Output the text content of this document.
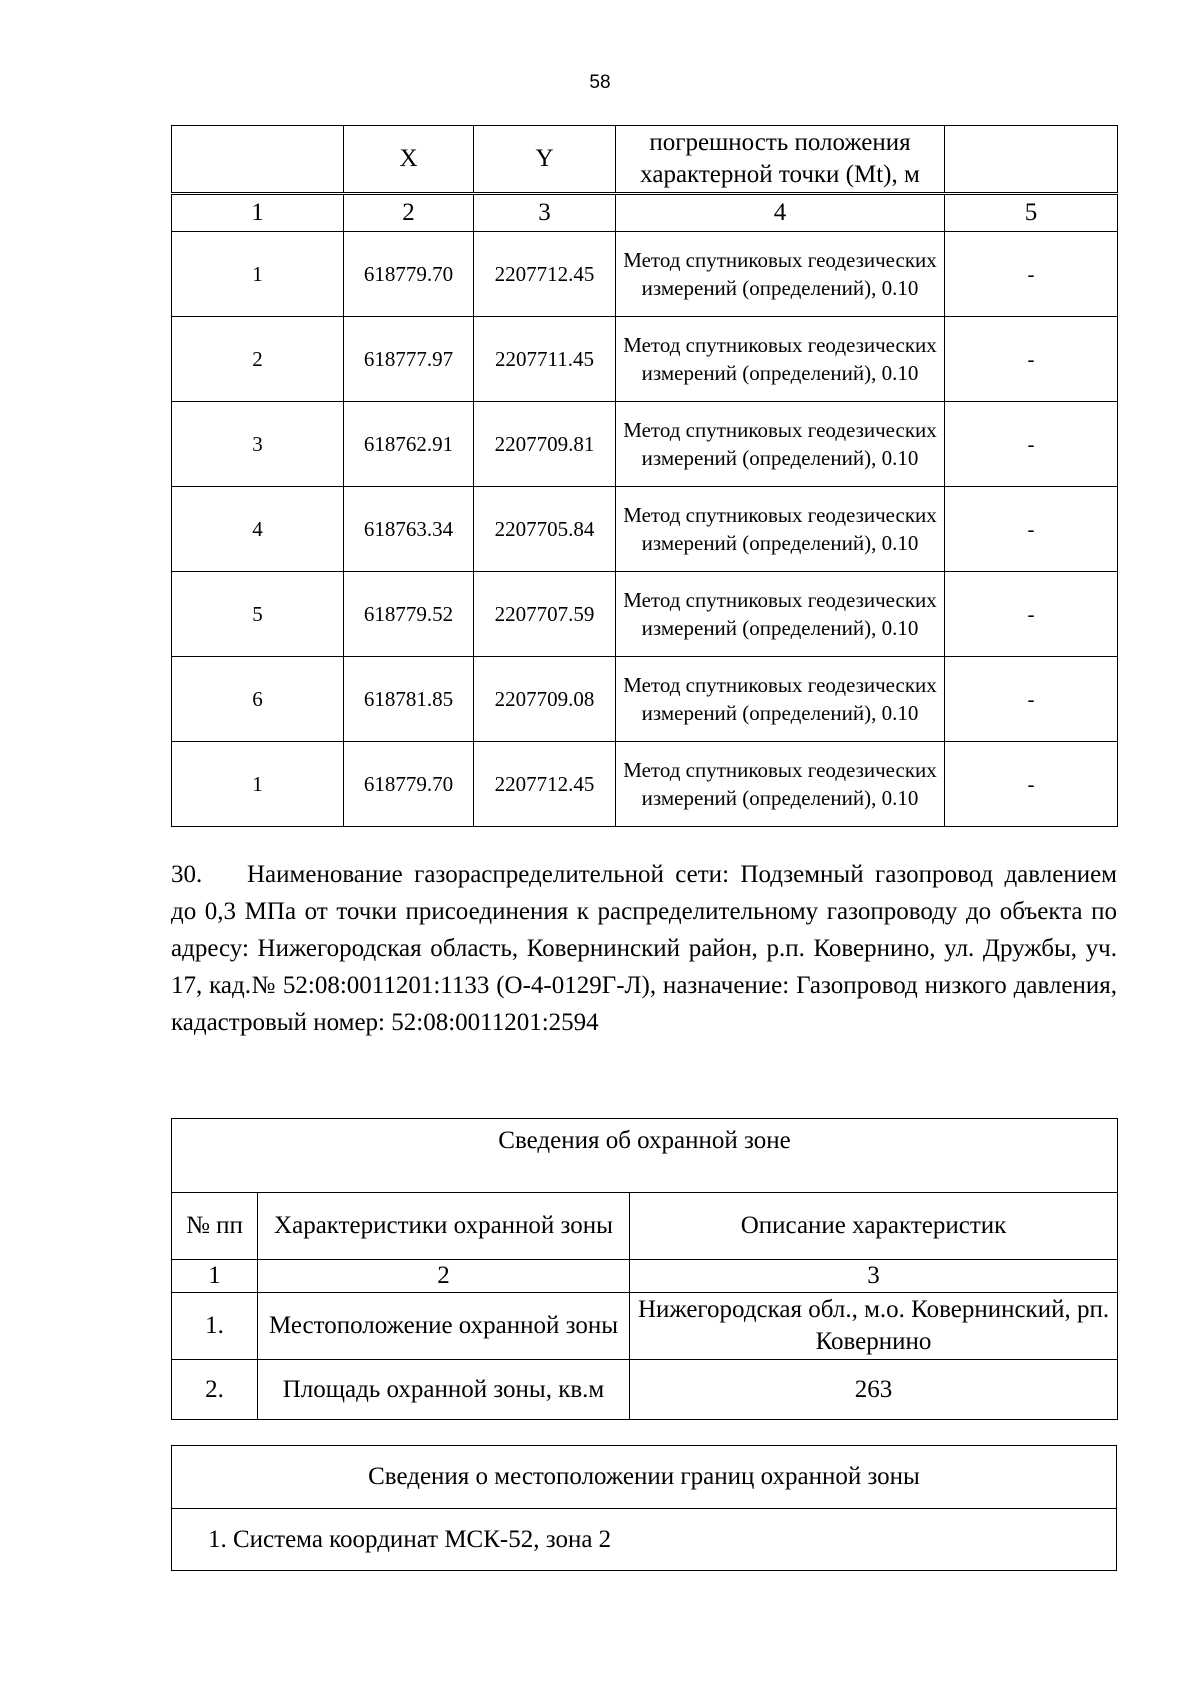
58
	X	Y	погрешность положения характерной точки (Mt), м	
1	2	3	4	5
1	618779.70	2207712.45	Метод спутниковых геодезических измерений (определений), 0.10	-
2	618777.97	2207711.45	Метод спутниковых геодезических измерений (определений), 0.10	-
3	618762.91	2207709.81	Метод спутниковых геодезических измерений (определений), 0.10	-
4	618763.34	2207705.84	Метод спутниковых геодезических измерений (определений), 0.10	-
5	618779.52	2207707.59	Метод спутниковых геодезических измерений (определений), 0.10	-
6	618781.85	2207709.08	Метод спутниковых геодезических измерений (определений), 0.10	-
1	618779.70	2207712.45	Метод спутниковых геодезических измерений (определений), 0.10	-
30. Наименование газораспределительной сети: Подземный газопровод давлением до 0,3 МПа от точки присоединения к распределительному газопроводу до объекта по адресу: Нижегородская область, Ковернинский район, р.п. Ковернино, ул. Дружбы, уч. 17, кад.№ 52:08:0011201:1133 (О-4-0129Г-Л), назначение: Газопровод низкого давления, кадастровый номер: 52:08:0011201:2594
Сведения об охранной зоне		
№ пп	Характеристики охранной зоны	Описание характеристик
1	2	3
1.	Местоположение охранной зоны	Нижегородская обл., м.о. Ковернинский, рп. Ковернино
2.	Площадь охранной зоны, кв.м	263
Сведения о местоположении границ охранной зоны
1. Система координат МСК-52, зона 2
